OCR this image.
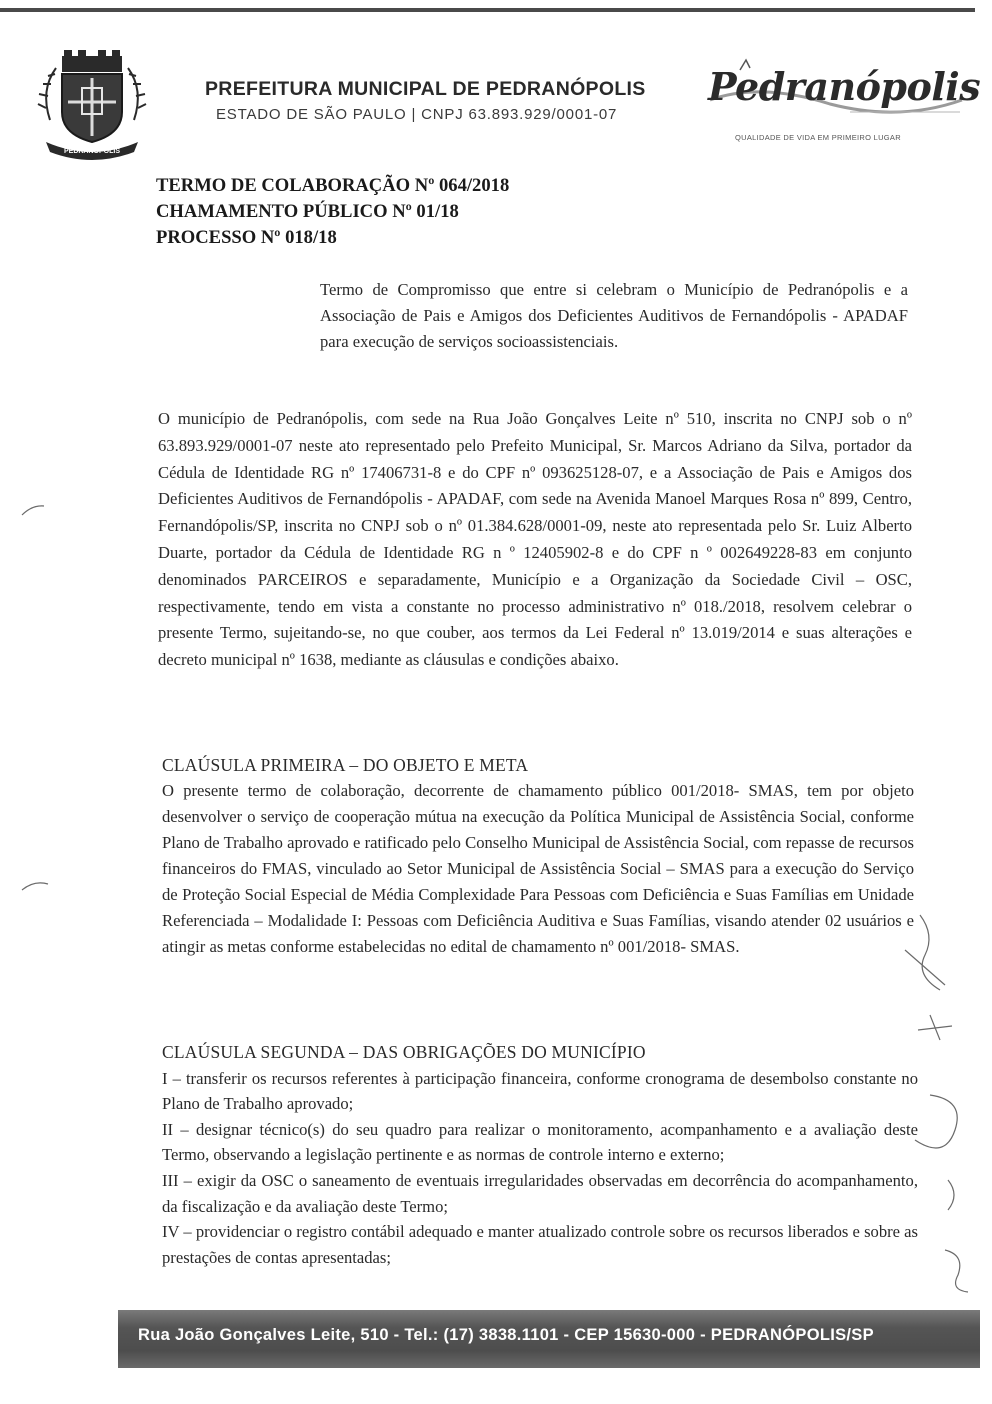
PEDRANÓPOLIS
PREFEITURA MUNICIPAL DE PEDRANÓPOLIS
ESTADO DE SÃO PAULO | CNPJ 63.893.929/0001-07
Pedranópolis
QUALIDADE DE VIDA EM PRIMEIRO LUGAR
TERMO DE COLABORAÇÃO Nº 064/2018
CHAMAMENTO PÚBLICO Nº 01/18
PROCESSO Nº 018/18
Termo de Compromisso que entre si celebram o Município de Pedranópolis e a Associação de Pais e Amigos dos Deficientes Auditivos de Fernandópolis - APADAF para execução de serviços socioassistenciais.
O município de Pedranópolis, com sede na Rua João Gonçalves Leite nº 510, inscrita no CNPJ sob o nº 63.893.929/0001-07 neste ato representado pelo Prefeito Municipal, Sr. Marcos Adriano da Silva, portador da Cédula de Identidade RG nº 17406731-8 e do CPF nº 093625128-07, e a Associação de Pais e Amigos dos Deficientes Auditivos de Fernandópolis - APADAF, com sede na Avenida Manoel Marques Rosa nº 899, Centro, Fernandópolis/SP, inscrita no CNPJ sob o nº 01.384.628/0001-09, neste ato representada pelo Sr. Luiz Alberto Duarte, portador da Cédula de Identidade RG n º 12405902-8 e do CPF n º 002649228-83 em conjunto denominados PARCEIROS e separadamente, Município e a Organização da Sociedade Civil – OSC, respectivamente, tendo em vista a constante no processo administrativo nº 018./2018, resolvem celebrar o presente Termo, sujeitando-se, no que couber, aos termos da Lei Federal nº 13.019/2014 e suas alterações e decreto municipal nº 1638, mediante as cláusulas e condições abaixo.
CLAÚSULA PRIMEIRA – DO OBJETO E META
O presente termo de colaboração, decorrente de chamamento público 001/2018- SMAS, tem por objeto desenvolver o serviço de cooperação mútua na execução da Política Municipal de Assistência Social, conforme Plano de Trabalho aprovado e ratificado pelo Conselho Municipal de Assistência Social, com repasse de recursos financeiros do FMAS, vinculado ao Setor Municipal de Assistência Social – SMAS para a execução do Serviço de Proteção Social Especial de Média Complexidade Para Pessoas com Deficiência e Suas Famílias em Unidade Referenciada – Modalidade I: Pessoas com Deficiência Auditiva e Suas Famílias, visando atender 02 usuários e atingir as metas conforme estabelecidas no edital de chamamento nº 001/2018- SMAS.
CLAÚSULA SEGUNDA – DAS OBRIGAÇÕES DO MUNICÍPIO
I – transferir os recursos referentes à participação financeira, conforme cronograma de desembolso constante no Plano de Trabalho aprovado;
II – designar técnico(s) do seu quadro para realizar o monitoramento, acompanhamento e a avaliação deste Termo, observando a legislação pertinente e as normas de controle interno e externo;
III – exigir da OSC o saneamento de eventuais irregularidades observadas em decorrência do acompanhamento, da fiscalização e da avaliação deste Termo;
IV – providenciar o registro contábil adequado e manter atualizado controle sobre os recursos liberados e sobre as prestações de contas apresentadas;
Rua João Gonçalves Leite, 510 - Tel.: (17) 3838.1101 - CEP 15630-000 - PEDRANÓPOLIS/SP
